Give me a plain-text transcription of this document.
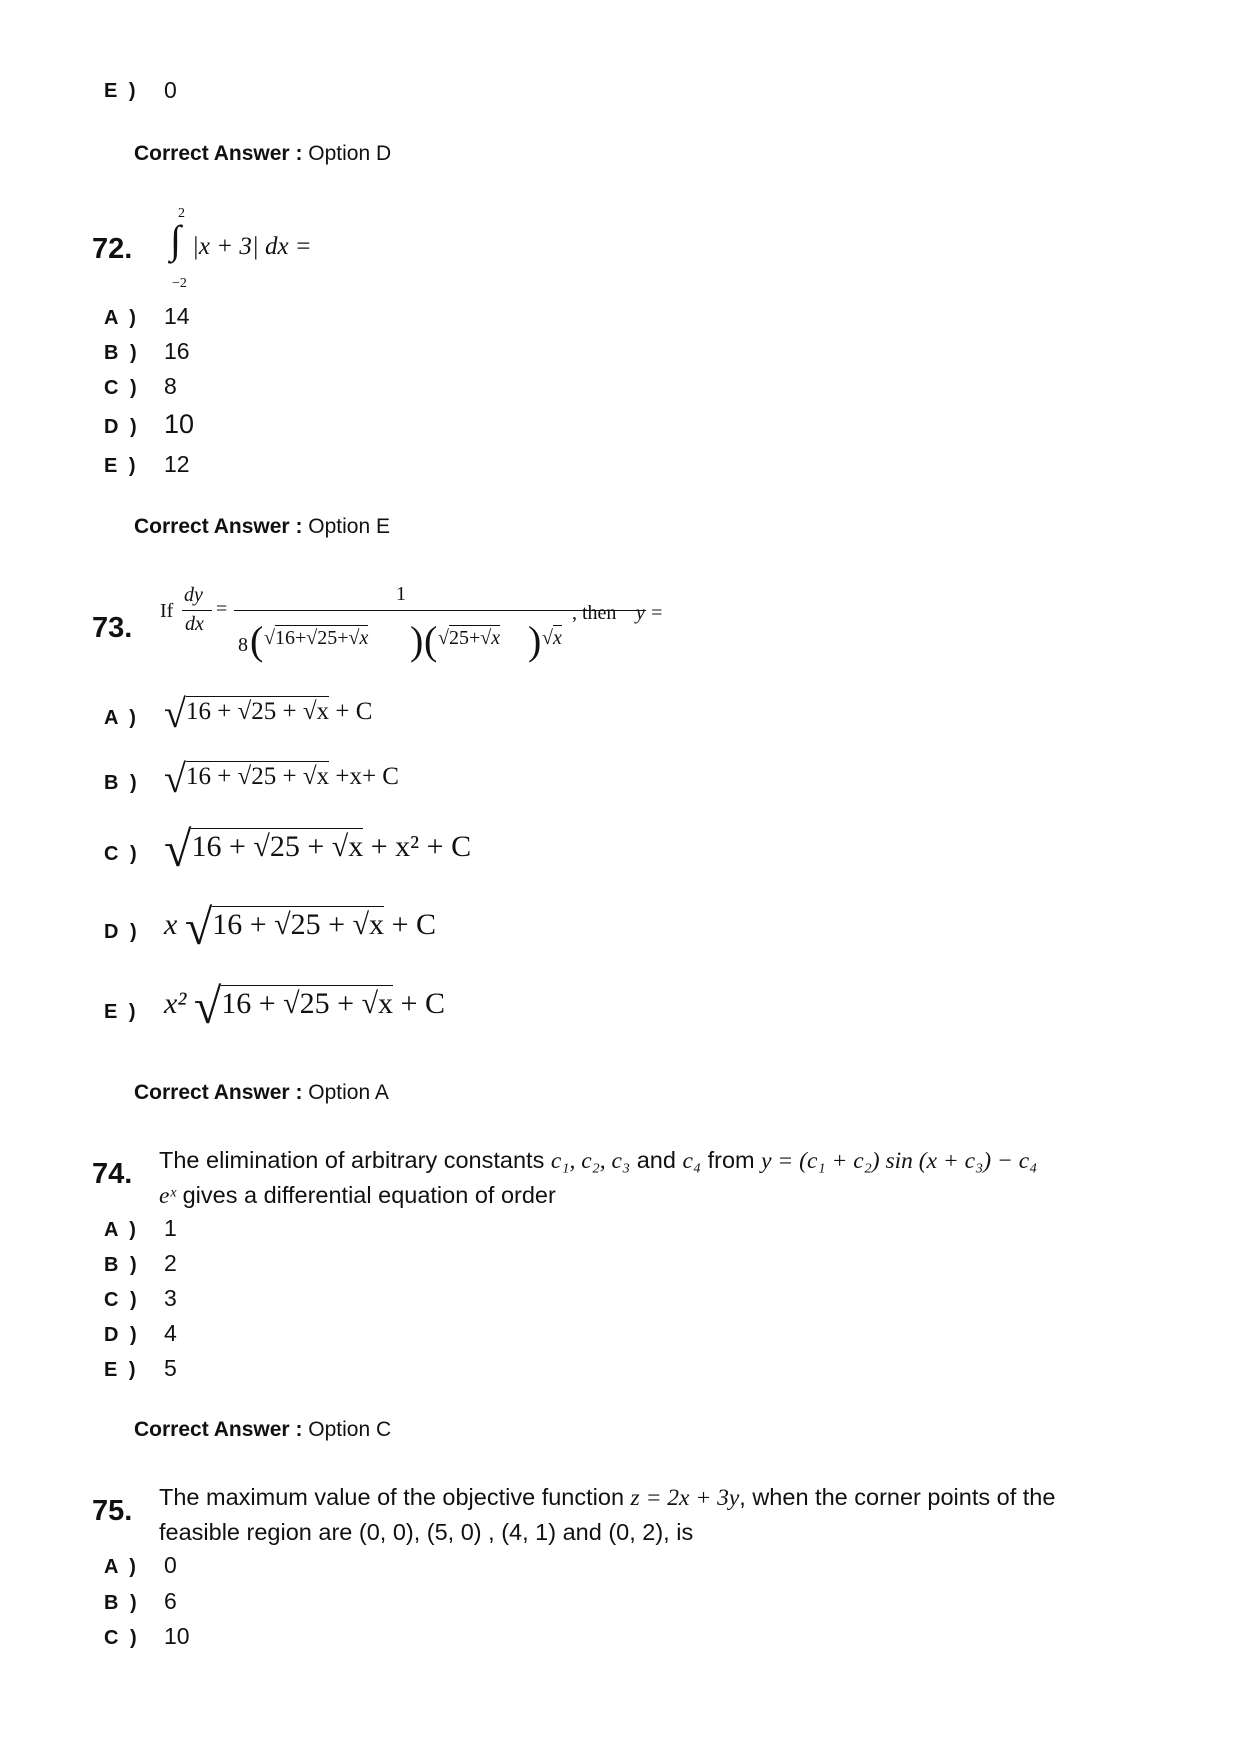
E ) 0
Correct Answer : Option D
72.
2
∫
−2
|x + 3| dx =
A ) 14
B ) 16
C ) 8
D ) 10
E ) 12
Correct Answer : Option E
73.
If
dy
dx
=
1
8 ( √16+√25+√x ) ( √25+√x ) √x
, then y =
A ) √16 + √25 + √x + C
B ) √16 + √25 + √x +x+ C
C ) √16 + √25 + √x + x² + C
D ) x √16 + √25 + √x + C
E ) x² √16 + √25 + √x + C
Correct Answer : Option A
74. The elimination of arbitrary constants c₁, c₂, c₃ and c₄ from y = (c₁ + c₂) sin (x + c₃) − c₄
eˣ gives a differential equation of order
A ) 1
B ) 2
C ) 3
D ) 4
E ) 5
Correct Answer : Option C
75. The maximum value of the objective function z = 2x + 3y, when the corner points of the
feasible region are (0, 0), (5, 0) , (4, 1) and (0, 2), is
A ) 0
B ) 6
C ) 10
